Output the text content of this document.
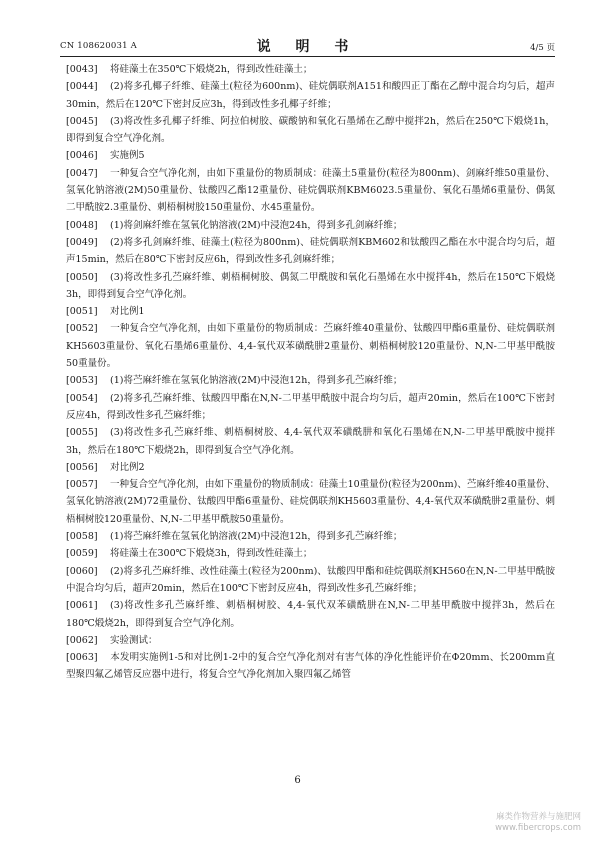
CN 108620031 A	说 明 书	4/5 页

[0043] 将硅藻土在350℃下煅烧2h，得到改性硅藻土；

[0044] (2)将多孔椰子纤维、硅藻土(粒径为600nm)、硅烷偶联剂A151和酸四正丁酯在乙醇中混合均匀后，超声30min，然后在120℃下密封反应3h，得到改性多孔椰子纤维；

[0045] (3)将改性多孔椰子纤维、阿拉伯树胶、碳酸钠和氧化石墨烯在乙醇中搅拌2h，然后在250℃下煅烧1h，即得到复合空气净化剂。

[0046] 实施例5

[0047] 一种复合空气净化剂，由如下重量份的物质制成：硅藻土5重量份(粒径为800nm)、剑麻纤维50重量份、氢氧化钠溶液(2M)50重量份、钛酸四乙酯12重量份、硅烷偶联剂KBM6023.5重量份、氧化石墨烯6重量份、偶氮二甲酰胺2.3重量份、刺梧桐树胶150重量份、水45重量份。

[0048] (1)将剑麻纤维在氢氧化钠溶液(2M)中浸泡24h，得到多孔剑麻纤维；

[0049] (2)将多孔剑麻纤维、硅藻土(粒径为800nm)、硅烷偶联剂KBM602和钛酸四乙酯在水中混合均匀后，超声15min，然后在80℃下密封反应6h，得到改性多孔剑麻纤维；

[0050] (3)将改性多孔苎麻纤维、刺梧桐树胶、偶氮二甲酰胺和氧化石墨烯在水中搅拌4h，然后在150℃下煅烧3h，即得到复合空气净化剂。

[0051] 对比例1

[0052] 一种复合空气净化剂，由如下重量份的物质制成：苎麻纤维40重量份、钛酸四甲酯6重量份、硅烷偶联剂KH5603重量份、氧化石墨烯6重量份、4,4-氧代双苯磺酰肼2重量份、刺梧桐树胶120重量份、N,N-二甲基甲酰胺50重量份。

[0053] (1)将苎麻纤维在氢氧化钠溶液(2M)中浸泡12h，得到多孔苎麻纤维；

[0054] (2)将多孔苎麻纤维、钛酸四甲酯在N,N-二甲基甲酰胺中混合均匀后，超声20min，然后在100℃下密封反应4h，得到改性多孔苎麻纤维；

[0055] (3)将改性多孔苎麻纤维、刺梧桐树胶、4,4-氧代双苯磺酰肼和氧化石墨烯在N,N-二甲基甲酰胺中搅拌3h，然后在180℃下煅烧2h，即得到复合空气净化剂。

[0056] 对比例2

[0057] 一种复合空气净化剂，由如下重量份的物质制成：硅藻土10重量份(粒径为200nm)、苎麻纤维40重量份、氢氧化钠溶液(2M)72重量份、钛酸四甲酯6重量份、硅烷偶联剂KH5603重量份、4,4-氧代双苯磺酰肼2重量份、刺梧桐树胶120重量份、N,N-二甲基甲酰胺50重量份。

[0058] (1)将苎麻纤维在氢氧化钠溶液(2M)中浸泡12h，得到多孔苎麻纤维；

[0059] 将硅藻土在300℃下煅烧3h，得到改性硅藻土；

[0060] (2)将多孔苎麻纤维、改性硅藻土(粒径为200nm)、钛酸四甲酯和硅烷偶联剂KH560在N,N-二甲基甲酰胺中混合均匀后，超声20min，然后在100℃下密封反应4h，得到改性多孔苎麻纤维；

[0061] (3)将改性多孔苎麻纤维、刺梧桐树胶、4,4-氧代双苯磺酰肼在N,N-二甲基甲酰胺中搅拌3h，然后在180℃煅烧2h，即得到复合空气净化剂。

[0062] 实验测试：

[0063] 本发明实施例1-5和对比例1-2中的复合空气净化剂对有害气体的净化性能评价在Φ20mm、长200mm直型聚四氟乙烯管反应器中进行，将复合空气净化剂加入聚四氟乙烯管

6
麻类作物营养与施肥网
www.fibercrops.com
